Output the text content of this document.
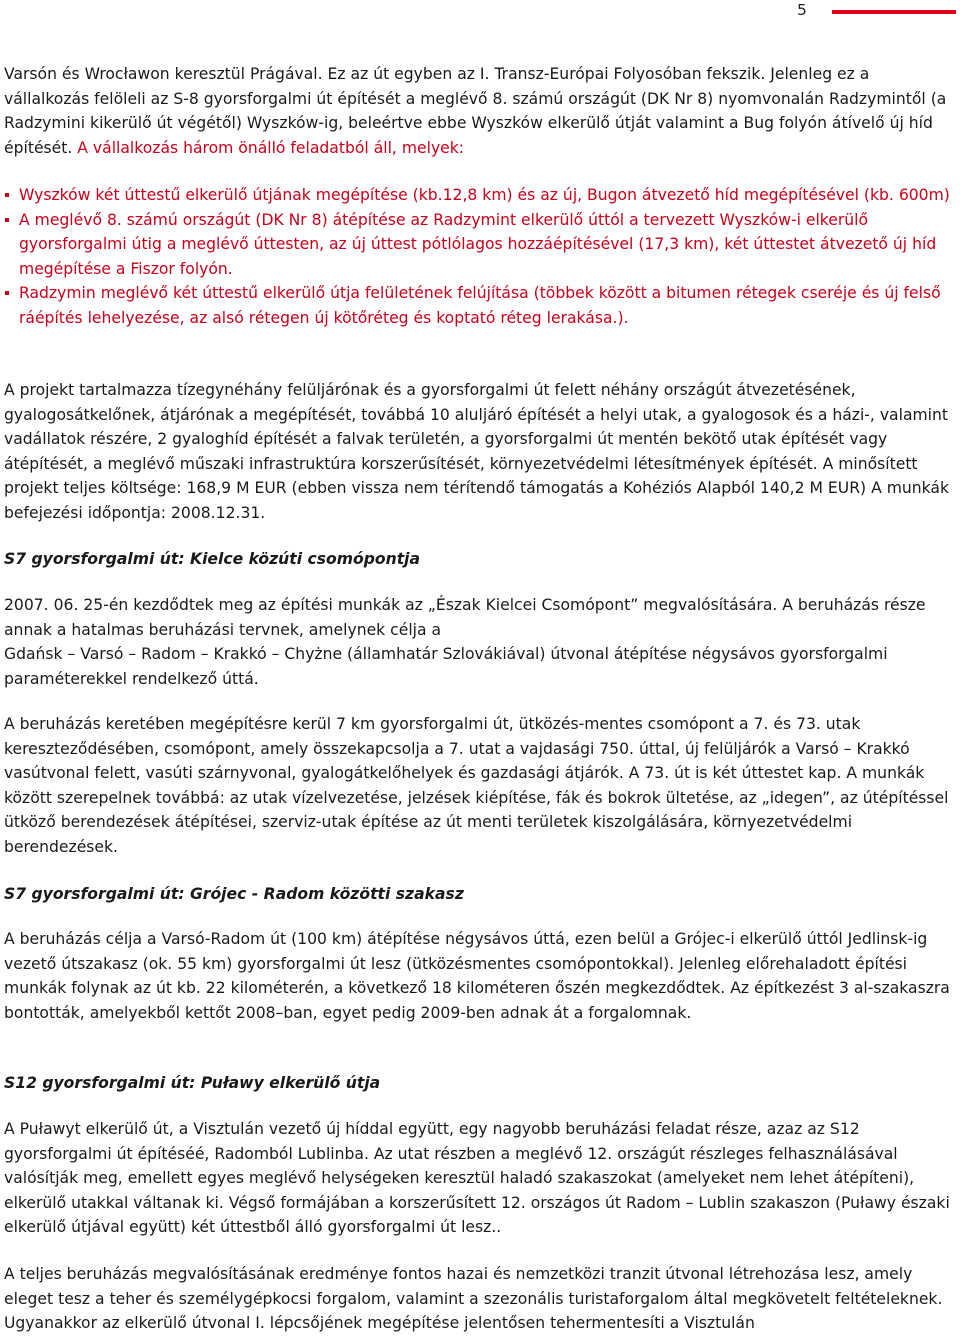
5

Varsón és Wrocławon keresztül Prágával. Ez az út egyben az I. Transz-Európai Folyosóban fekszik. Jelenleg ez a vállalkozás felöleli az S-8 gyorsforgalmi út építését a meglévő 8. számú országút (DK Nr 8) nyomvonalán Radzymintől (a Radzymini kikerülő út végétől) Wyszków-ig, beleértve ebbe Wyszków elkerülő útját valamint a Bug folyón átívelő új híd építését. A vállalkozás három önálló feladatból áll, melyek:

Wyszków két úttestű elkerülő útjának megépítése (kb.12,8 km) és az új, Bugon átvezető híd megépítésével (kb. 600m)
A meglévő 8. számú országút (DK Nr 8) átépítése az Radzymint elkerülő úttól a tervezett Wyszków-i elkerülő gyorsforgalmi útig a meglévő úttesten, az új úttest pótlólagos hozzáépítésével (17,3 km), két úttestet átvezető új híd megépítése a Fiszor folyón.
Radzymin meglévő két úttestű elkerülő útja felületének felújítása (többek között a bitumen rétegek cseréje és új felső ráépítés lehelyezése, az alsó rétegen új kötőréteg és koptató réteg lerakása.).

A projekt tartalmazza tízegynéhány felüljárónak és a gyorsforgalmi út felett néhány országút átvezetésének, gyalogosátkelőnek, átjárónak a megépítését, továbbá 10 aluljáró építését a helyi utak, a gyalogosok és a házi-, valamint vadállatok részére, 2 gyaloghíd építését a falvak területén, a gyorsforgalmi út mentén bekötő utak építését vagy átépítését, a meglévő műszaki infrastruktúra korszerűsítését, környezetvédelmi létesítmények építését. A minősített projekt teljes költsége: 168,9 M EUR (ebben vissza nem térítendő támogatás a Kohéziós Alapból 140,2 M EUR) A munkák befejezési időpontja: 2008.12.31.

S7 gyorsforgalmi út: Kielce közúti csomópontja

2007. 06. 25-én kezdődtek meg az építési munkák az „Észak Kielcei Csomópont” megvalósítására. A beruházás része annak a hatalmas beruházási tervnek, amelynek célja a

Gdańsk – Varsó – Radom – Krakkó – Chyżne (államhatár Szlovákiával) útvonal átépítése négysávos gyorsforgalmi paraméterekkel rendelkező úttá.

A beruházás keretében megépítésre kerül 7 km gyorsforgalmi út, ütközés-mentes csomópont a 7. és 73. utak kereszteződésében, csomópont, amely összekapcsolja a 7. utat a vajdasági 750. úttal, új felüljárók a Varsó – Krakkó vasútvonal felett, vasúti szárnyvonal, gyalogátkelőhelyek és gazdasági átjárók. A 73. út is két úttestet kap. A munkák között szerepelnek továbbá: az utak vízelvezetése, jelzések kiépítése, fák és bokrok ültetése, az „idegen”, az útépítéssel ütköző berendezések átépítései, szerviz-utak építése az út menti területek kiszolgálására, környezetvédelmi berendezések.

S7 gyorsforgalmi út: Grójec - Radom közötti szakasz

A beruházás célja a Varsó-Radom út (100 km) átépítése négysávos úttá, ezen belül a Grójec-i elkerülő úttól Jedlinsk-ig vezető útszakasz (ok. 55 km) gyorsforgalmi út lesz (ütközésmentes csomópontokkal). Jelenleg előrehaladott építési munkák folynak az út kb. 22 kilométerén, a következő 18 kilométeren őszén megkezdődtek. Az építkezést 3 al-szakaszra bontották, amelyekből kettőt 2008–ban, egyet pedig 2009-ben adnak át a forgalomnak.

S12 gyorsforgalmi út: Puławy elkerülő útja

A Puławyt elkerülő út, a Visztulán vezető új híddal együtt, egy nagyobb beruházási feladat része, azaz az S12 gyorsforgalmi út építéséé, Radomból Lublinba. Az utat részben a meglévő 12. országút részleges felhasználásával valósítják meg, emellett egyes meglévő helységeken keresztül haladó szakaszokat (amelyeket nem lehet átépíteni), elkerülő utakkal váltanak ki. Végső formájában a korszerűsített 12. országos út Radom – Lublin szakaszon (Puławy északi elkerülő útjával együtt) két úttestből álló gyorsforgalmi út lesz..

A teljes beruházás megvalósításának eredménye fontos hazai és nemzetközi tranzit útvonal létrehozása lesz, amely eleget tesz a teher és személygépkocsi forgalom, valamint a szezonális turistaforgalom által megkövetelt feltételeknek. Ugyanakkor az elkerülő útvonal I. lépcsőjének megépítése jelentősen tehermentesíti a Visztulán
